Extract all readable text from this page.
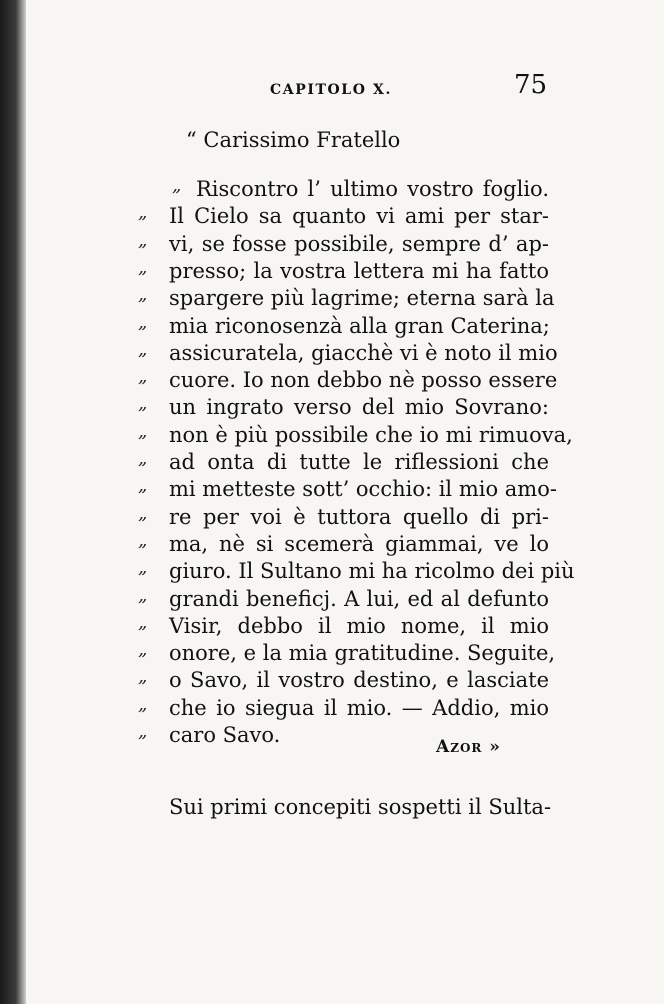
CAPITOLO X.	75
“ Carissimo Fratello
„
„
„
„
„
„
„
„
„
„
„
„
„
„
„
„
„
„
„
„
„
Riscontro l’ ultimo vostro foglio.
Il Cielo sa quanto vi ami per star-
vi, se fosse possibile, sempre d’ ap-
presso; la vostra lettera mi ha fatto
spargere più lagrime; eterna sarà la
mia riconosenzà alla gran Caterina;
assicuratela, giacchè vi è noto il mio
cuore. Io non debbo nè posso essere
un ingrato verso del mio Sovrano:
non è più possibile che io mi rimuova,
ad onta di tutte le riflessioni che
mi metteste sott’ occhio: il mio amo-
re per voi è tuttora quello di pri-
ma, nè si scemerà giammai, ve lo
giuro. Il Sultano mi ha ricolmo dei più
grandi beneficj. A lui, ed al defunto
Visir, debbo il mio nome, il mio
onore, e la mia gratitudine. Seguite,
o Savo, il vostro destino, e lasciate
che io siegua il mio. — Addio, mio
caro Savo.	Azor »
Sui primi concepiti sospetti il Sulta-
